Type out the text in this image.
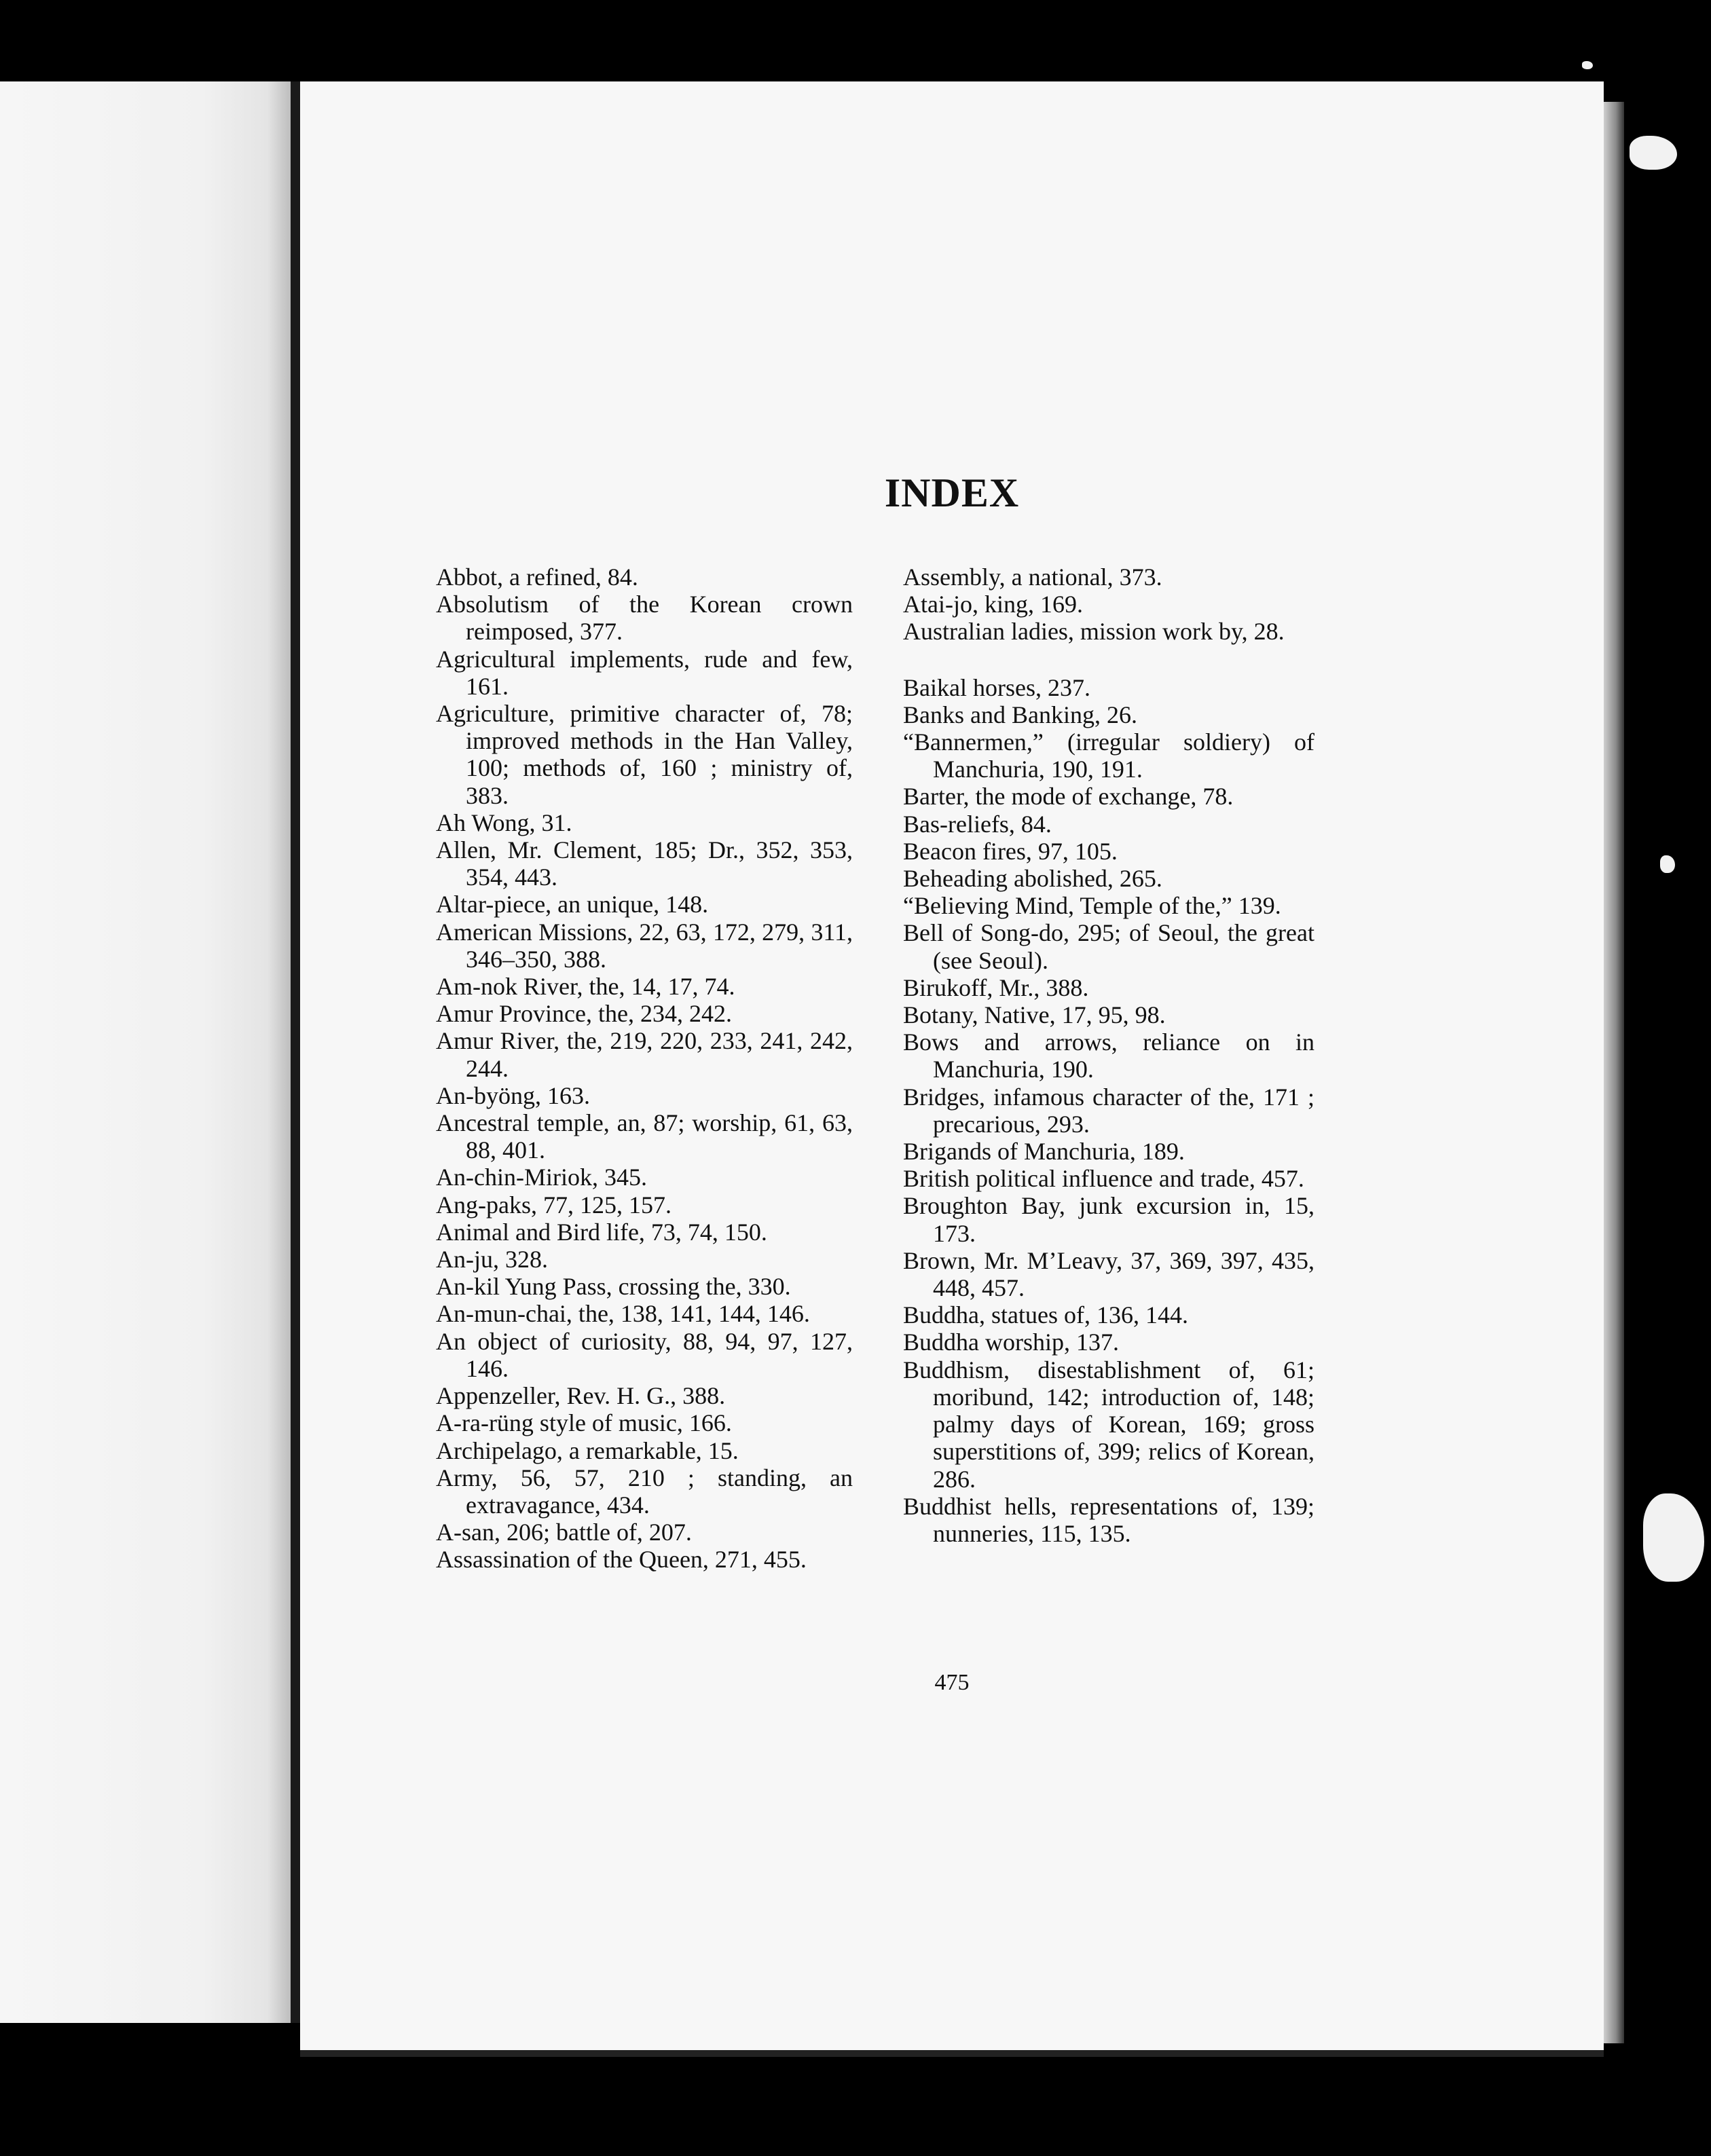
INDEX

Abbot, a refined, 84.

Absolutism of the Korean crown reimposed, 377.

Agricultural implements, rude and few, 161.

Agriculture, primitive character of, 78; improved methods in the Han Valley, 100; methods of, 160 ; ministry of, 383.

Ah Wong, 31.

Allen, Mr. Clement, 185; Dr., 352, 353, 354, 443.

Altar-piece, an unique, 148.

American Missions, 22, 63, 172, 279, 311, 346–350, 388.

Am-nok River, the, 14, 17, 74.

Amur Province, the, 234, 242.

Amur River, the, 219, 220, 233, 241, 242, 244.

An-byöng, 163.

Ancestral temple, an, 87; worship, 61, 63, 88, 401.

An-chin-Miriok, 345.

Ang-paks, 77, 125, 157.

Animal and Bird life, 73, 74, 150.

An-ju, 328.

An-kil Yung Pass, crossing the, 330.

An-mun-chai, the, 138, 141, 144, 146.

An object of curiosity, 88, 94, 97, 127, 146.

Appenzeller, Rev. H. G., 388.

A-ra-rüng style of music, 166.

Archipelago, a remarkable, 15.

Army, 56, 57, 210 ; standing, an extravagance, 434.

A-san, 206; battle of, 207.

Assassination of the Queen, 271, 455.

Assembly, a national, 373.

Atai-jo, king, 169.

Australian ladies, mission work by, 28.

Baikal horses, 237.

Banks and Banking, 26.

“Bannermen,” (irregular soldiery) of Manchuria, 190, 191.

Barter, the mode of exchange, 78.

Bas-reliefs, 84.

Beacon fires, 97, 105.

Beheading abolished, 265.

“Believing Mind, Temple of the,” 139.

Bell of Song-do, 295; of Seoul, the great (see Seoul).

Birukoff, Mr., 388.

Botany, Native, 17, 95, 98.

Bows and arrows, reliance on in Manchuria, 190.

Bridges, infamous character of the, 171 ; precarious, 293.

Brigands of Manchuria, 189.

British political influence and trade, 457.

Broughton Bay, junk excursion in, 15, 173.

Brown, Mr. M’Leavy, 37, 369, 397, 435, 448, 457.

Buddha, statues of, 136, 144.

Buddha worship, 137.

Buddhism, disestablishment of, 61; moribund, 142; introduction of, 148; palmy days of Korean, 169; gross superstitions of, 399; relics of Korean, 286.

Buddhist hells, representations of, 139; nunneries, 115, 135.

475
